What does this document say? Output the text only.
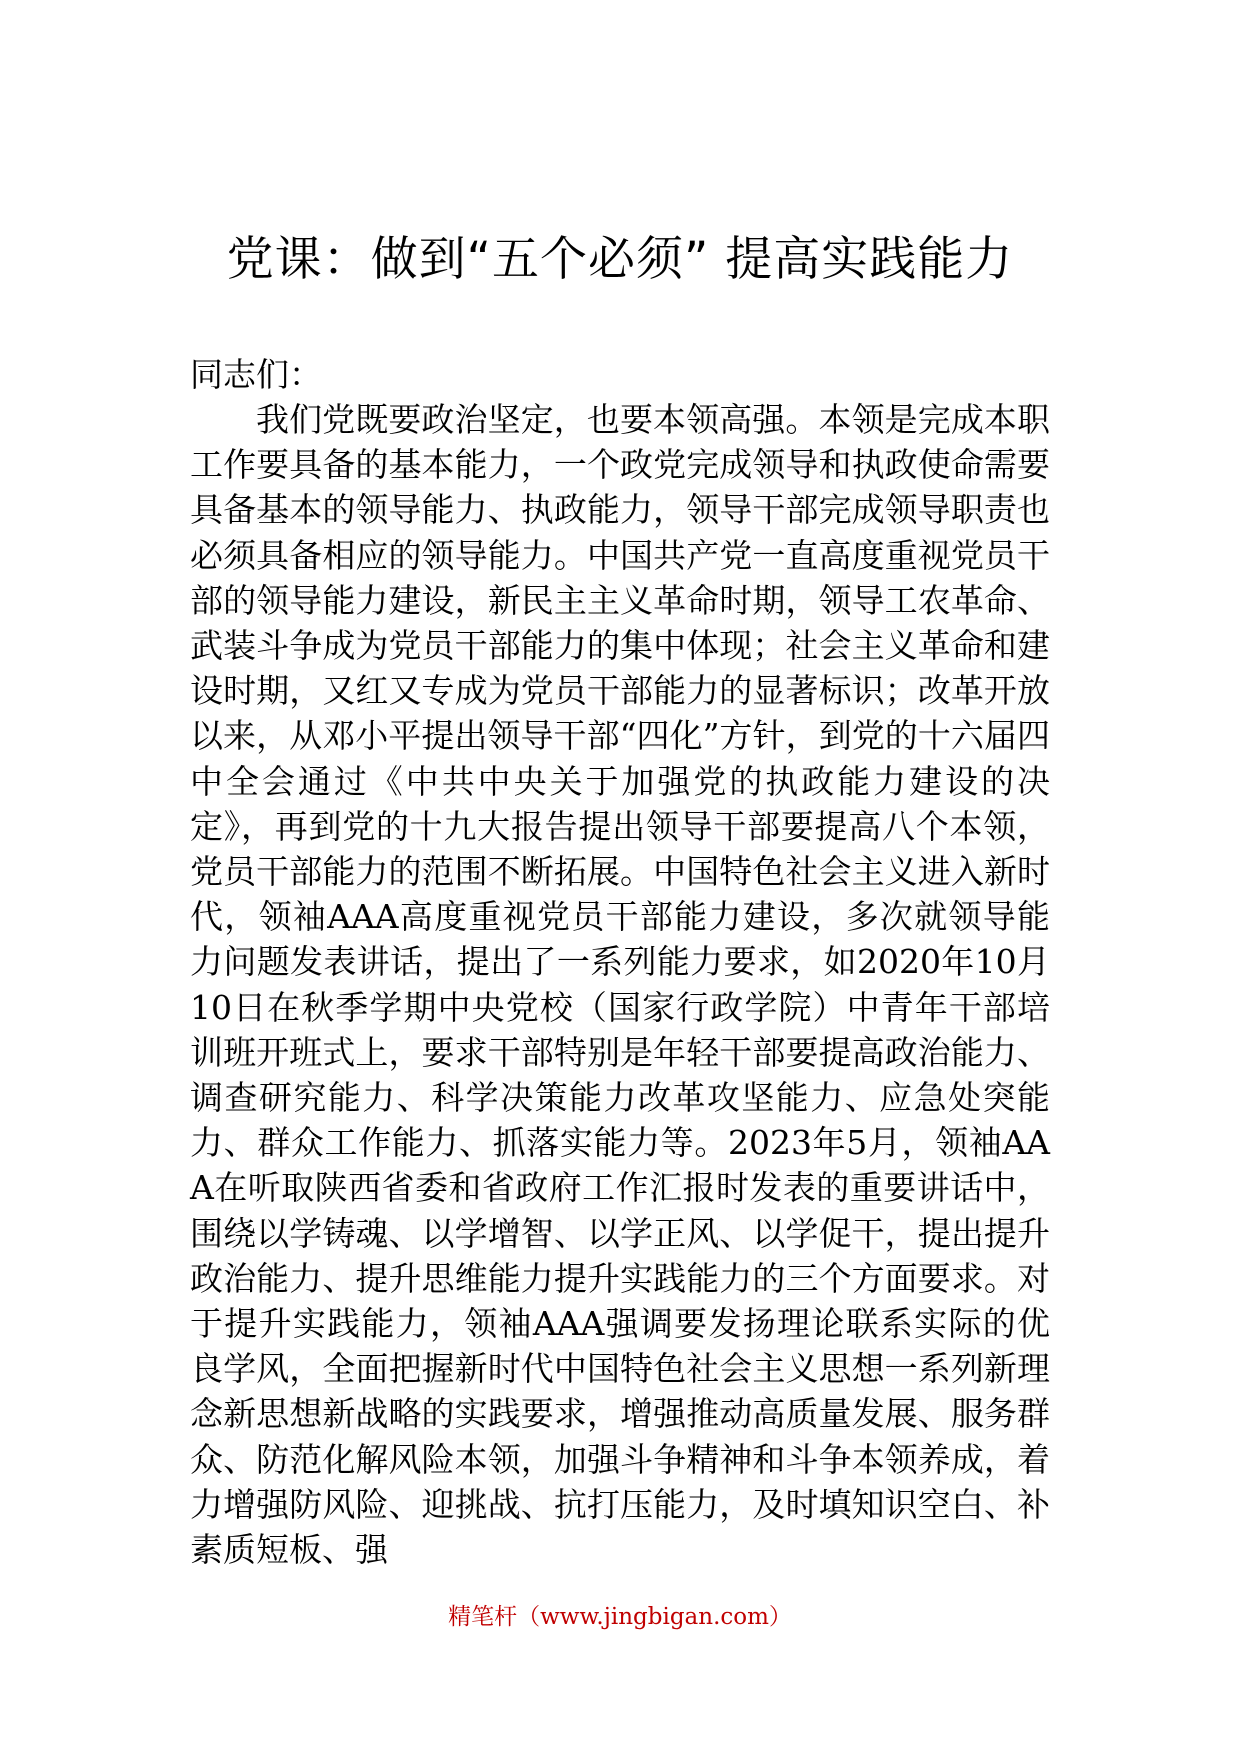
党课：做到“五个必须” 提高实践能力

同志们：

我们党既要政治坚定，也要本领高强。本领是完成本职工作要具备的基本能力，一个政党完成领导和执政使命需要具备基本的领导能力、执政能力，领导干部完成领导职责也必须具备相应的领导能力。中国共产党一直高度重视党员干部的领导能力建设，新民主主义革命时期，领导工农革命、武装斗争成为党员干部能力的集中体现；社会主义革命和建设时期，又红又专成为党员干部能力的显著标识；改革开放以来，从邓小平提出领导干部“四化”方针，到党的十六届四中全会通过《中共中央关于加强党的执政能力建设的决定》，再到党的十九大报告提出领导干部要提高八个本领，党员干部能力的范围不断拓展。中国特色社会主义进入新时代，领袖AAA高度重视党员干部能力建设，多次就领导能力问题发表讲话，提出了一系列能力要求，如2020年10月10日在秋季学期中央党校（国家行政学院）中青年干部培训班开班式上，要求干部特别是年轻干部要提高政治能力、调查研究能力、科学决策能力改革攻坚能力、应急处突能力、群众工作能力、抓落实能力等。2023年5月，领袖AAA在听取陕西省委和省政府工作汇报时发表的重要讲话中，围绕以学铸魂、以学增智、以学正风、以学促干，提出提升政治能力、提升思维能力提升实践能力的三个方面要求。对于提升实践能力，领袖AAA强调要发扬理论联系实际的优良学风，全面把握新时代中国特色社会主义思想一系列新理念新思想新战略的实践要求，增强推动高质量发展、服务群众、防范化解风险本领，加强斗争精神和斗争本领养成，着力增强防风险、迎挑战、抗打压能力，及时填知识空白、补素质短板、强

精笔杆（www.jingbigan.com）
